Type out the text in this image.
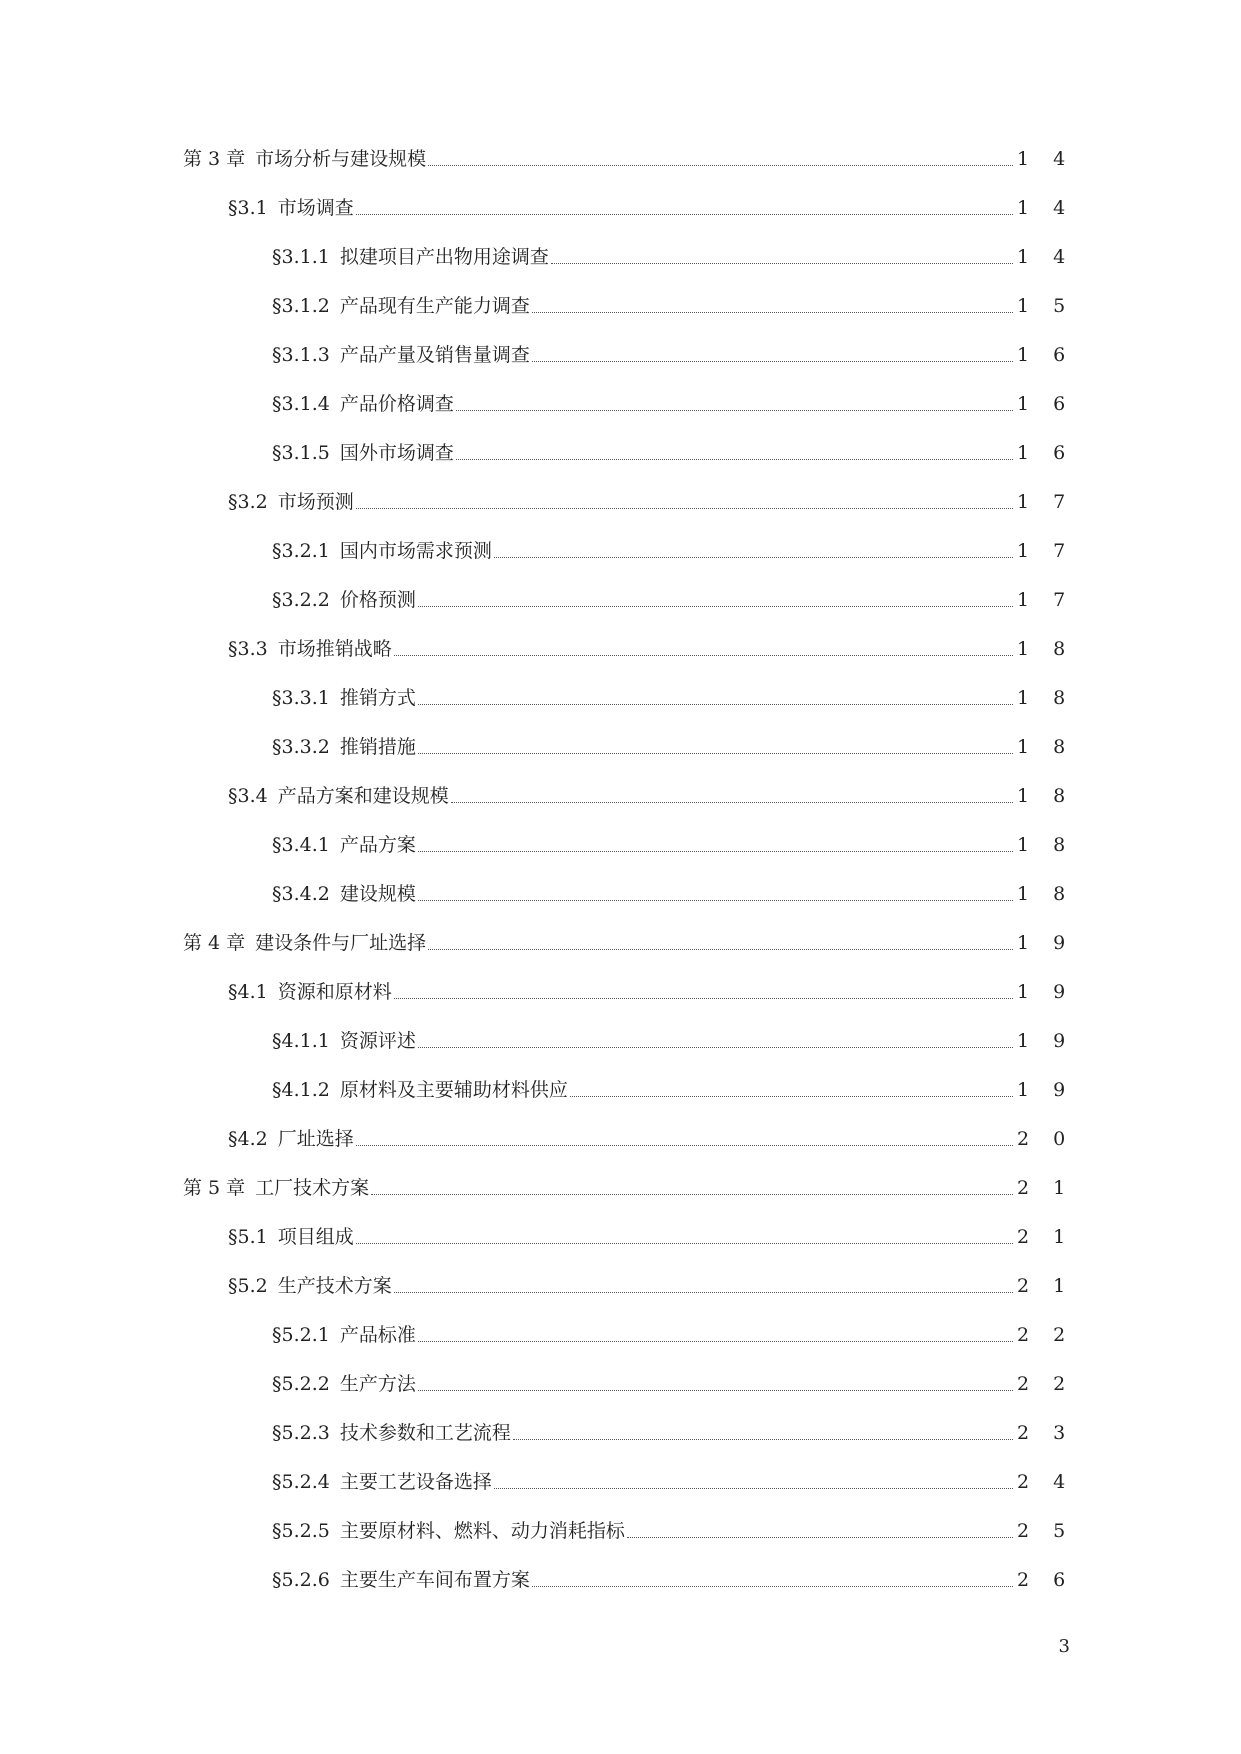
第 3 章 市场分析与建设规模	1 4
§3.1 市场调查	1 4
§3.1.1 拟建项目产出物用途调查	1 4
§3.1.2 产品现有生产能力调查	1 5
§3.1.3 产品产量及销售量调查	1 6
§3.1.4 产品价格调查	1 6
§3.1.5 国外市场调查	1 6
§3.2 市场预测	1 7
§3.2.1 国内市场需求预测	1 7
§3.2.2 价格预测	1 7
§3.3 市场推销战略	1 8
§3.3.1 推销方式	1 8
§3.3.2 推销措施	1 8
§3.4 产品方案和建设规模	1 8
§3.4.1 产品方案	1 8
§3.4.2 建设规模	1 8
第 4 章 建设条件与厂址选择	1 9
§4.1 资源和原材料	1 9
§4.1.1 资源评述	1 9
§4.1.2 原材料及主要辅助材料供应	1 9
§4.2 厂址选择	2 0
第 5 章 工厂技术方案	2 1
§5.1 项目组成	2 1
§5.2 生产技术方案	2 1
§5.2.1 产品标准	2 2
§5.2.2 生产方法	2 2
§5.2.3 技术参数和工艺流程	2 3
§5.2.4 主要工艺设备选择	2 4
§5.2.5 主要原材料、燃料、动力消耗指标	2 5
§5.2.6 主要生产车间布置方案	2 6
3
